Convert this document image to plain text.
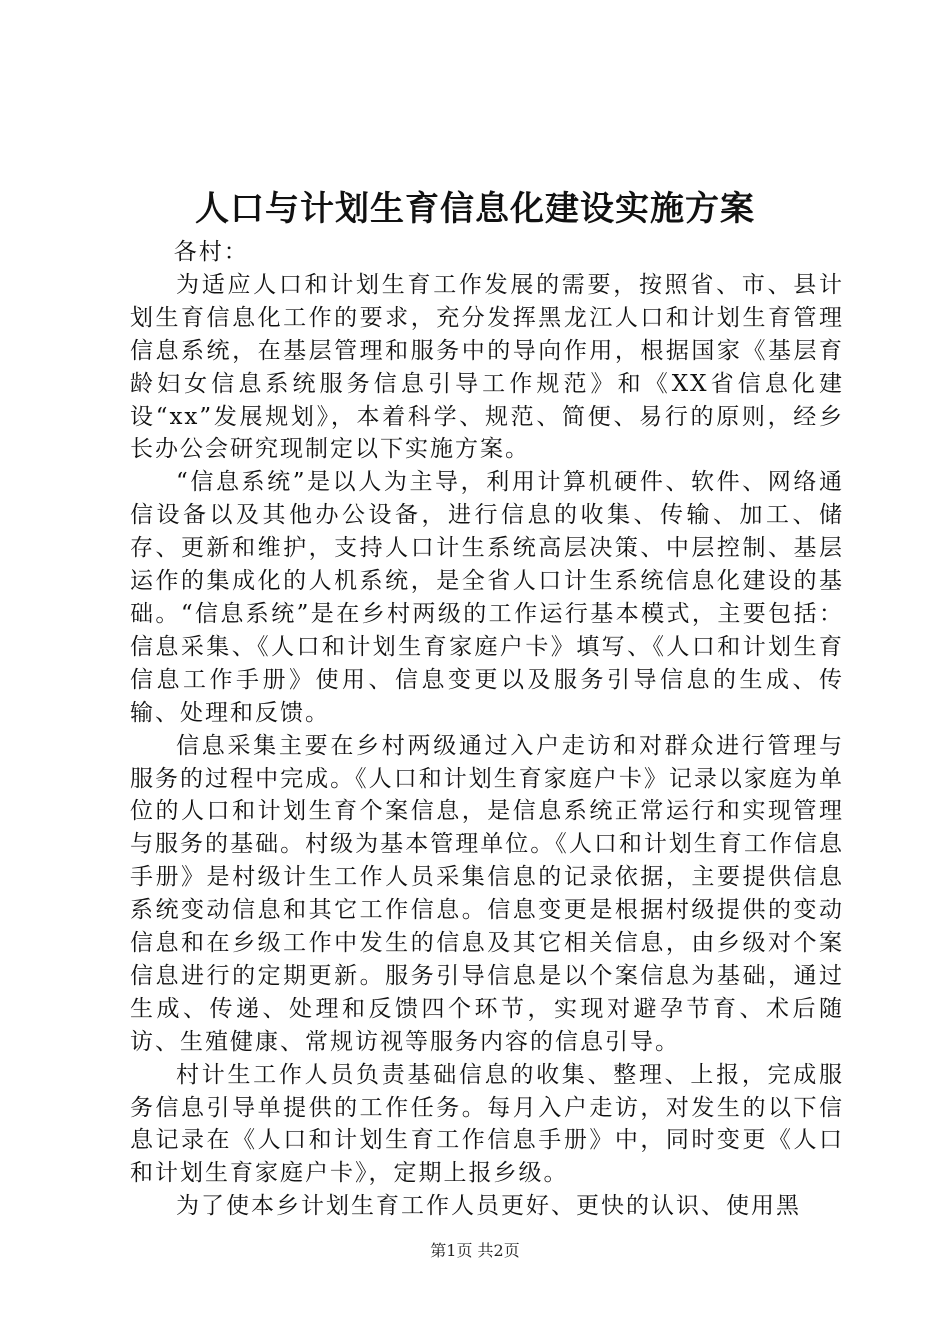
人口与计划生育信息化建设实施方案

各村：

为适应人口和计划生育工作发展的需要，按照省、市、县计划生育信息化工作的要求，充分发挥黑龙江人口和计划生育管理信息系统，在基层管理和服务中的导向作用，根据国家《基层育龄妇女信息系统服务信息引导工作规范》和《XX省信息化建设“xx”发展规划》，本着科学、规范、简便、易行的原则，经乡长办公会研究现制定以下实施方案。

“信息系统”是以人为主导，利用计算机硬件、软件、网络通信设备以及其他办公设备，进行信息的收集、传输、加工、储存、更新和维护，支持人口计生系统高层决策、中层控制、基层运作的集成化的人机系统，是全省人口计生系统信息化建设的基础。“信息系统”是在乡村两级的工作运行基本模式，主要包括：信息采集、《人口和计划生育家庭户卡》填写、《人口和计划生育信息工作手册》使用、信息变更以及服务引导信息的生成、传输、处理和反馈。

信息采集主要在乡村两级通过入户走访和对群众进行管理与服务的过程中完成。《人口和计划生育家庭户卡》记录以家庭为单位的人口和计划生育个案信息，是信息系统正常运行和实现管理与服务的基础。村级为基本管理单位。《人口和计划生育工作信息手册》是村级计生工作人员采集信息的记录依据，主要提供信息系统变动信息和其它工作信息。信息变更是根据村级提供的变动信息和在乡级工作中发生的信息及其它相关信息，由乡级对个案信息进行的定期更新。服务引导信息是以个案信息为基础，通过生成、传递、处理和反馈四个环节，实现对避孕节育、术后随访、生殖健康、常规访视等服务内容的信息引导。

村计生工作人员负责基础信息的收集、整理、上报，完成服务信息引导单提供的工作任务。每月入户走访，对发生的以下信息记录在《人口和计划生育工作信息手册》中，同时变更《人口和计划生育家庭户卡》，定期上报乡级。

为了使本乡计划生育工作人员更好、更快的认识、使用黑

第1页 共2页
